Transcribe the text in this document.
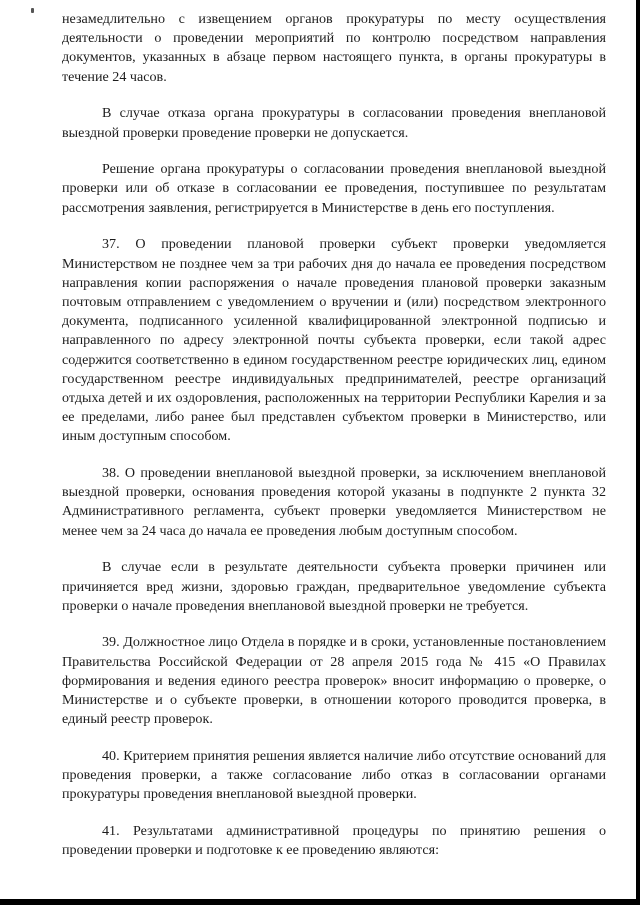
незамедлительно с извещением органов прокуратуры по месту осуществления деятельности о проведении мероприятий по контролю посредством направления документов, указанных в абзаце первом настоящего пункта, в органы прокуратуры в течение 24 часов.

В случае отказа органа прокуратуры в согласовании проведения внеплановой выездной проверки проведение проверки не допускается.

Решение органа прокуратуры о согласовании проведения внеплановой выездной проверки или об отказе в согласовании ее проведения, поступившее по результатам рассмотрения заявления, регистрируется в Министерстве в день его поступления.

37. О проведении плановой проверки субъект проверки уведомляется Министерством не позднее чем за три рабочих дня до начала ее проведения посредством направления копии распоряжения о начале проведения плановой проверки заказным почтовым отправлением с уведомлением о вручении и (или) посредством электронного документа, подписанного усиленной квалифицированной электронной подписью и направленного по адресу электронной почты субъекта проверки, если такой адрес содержится соответственно в едином государственном реестре юридических лиц, едином государственном реестре индивидуальных предпринимателей, реестре организаций отдыха детей и их оздоровления, расположенных на территории Республики Карелия и за ее пределами, либо ранее был представлен субъектом проверки в Министерство, или иным доступным способом.

38. О проведении внеплановой выездной проверки, за исключением внеплановой выездной проверки, основания проведения которой указаны в подпункте 2 пункта 32 Административного регламента, субъект проверки уведомляется Министерством не менее чем за 24 часа до начала ее проведения любым доступным способом.

В случае если в результате деятельности субъекта проверки причинен или причиняется вред жизни, здоровью граждан, предварительное уведомление субъекта проверки о начале проведения внеплановой выездной проверки не требуется.

39. Должностное лицо Отдела в порядке и в сроки, установленные постановлением Правительства Российской Федерации от 28 апреля 2015 года № 415 «О Правилах формирования и ведения единого реестра проверок» вносит информацию о проверке, о Министерстве и о субъекте проверки, в отношении которого проводится проверка, в единый реестр проверок.

40. Критерием принятия решения является наличие либо отсутствие оснований для проведения проверки, а также согласование либо отказ в согласовании органами прокуратуры проведения внеплановой выездной проверки.

41. Результатами административной процедуры по принятию решения о проведении проверки и подготовке к ее проведению являются:
